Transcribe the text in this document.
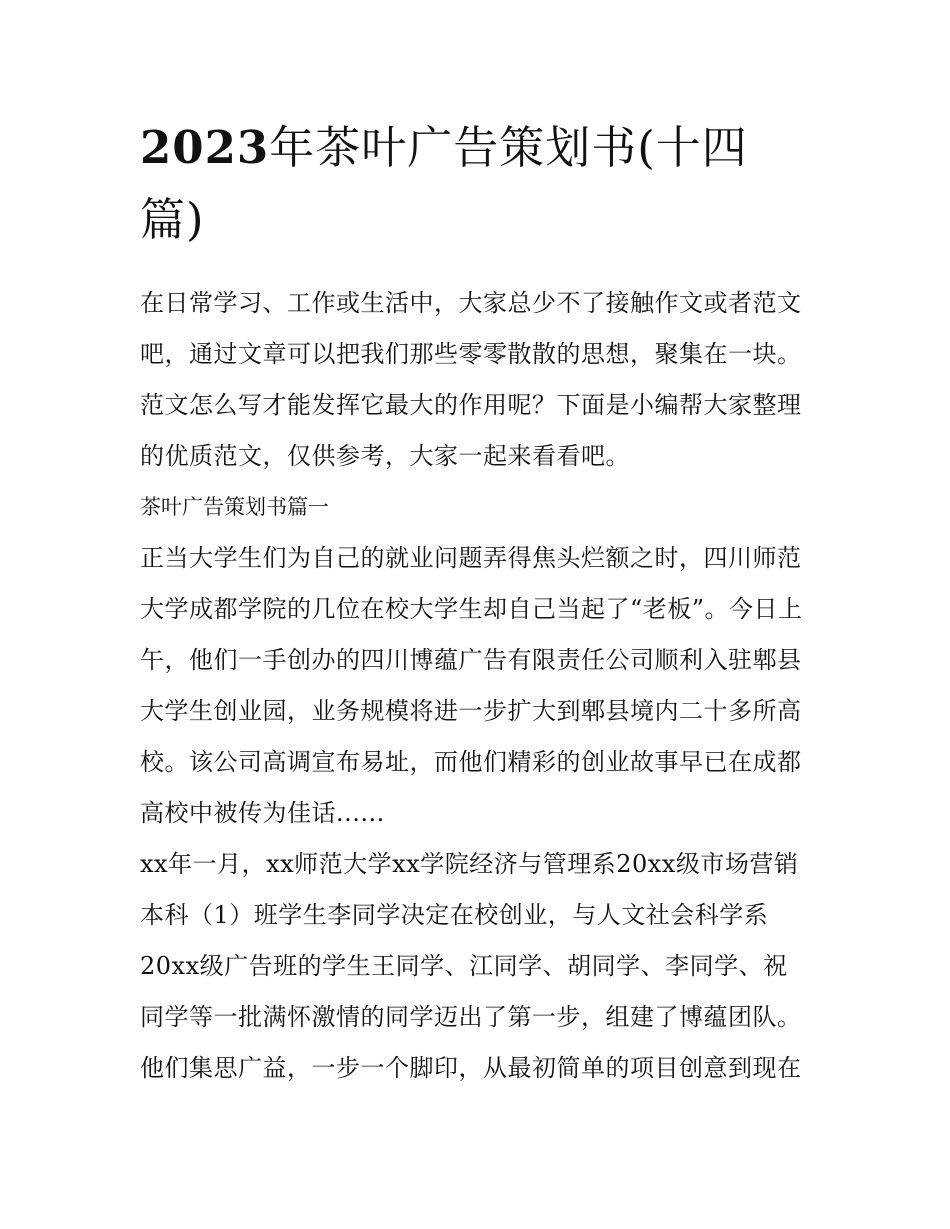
2023年茶叶广告策划书(十四篇)

在日常学习、工作或生活中，大家总少不了接触作文或者范文吧，通过文章可以把我们那些零零散散的思想，聚集在一块。范文怎么写才能发挥它最大的作用呢？下面是小编帮大家整理的优质范文，仅供参考，大家一起来看看吧。

茶叶广告策划书篇一

正当大学生们为自己的就业问题弄得焦头烂额之时，四川师范大学成都学院的几位在校大学生却自己当起了“老板”。今日上午，他们一手创办的四川博蕴广告有限责任公司顺利入驻郫县大学生创业园，业务规模将进一步扩大到郫县境内二十多所高校。该公司高调宣布易址，而他们精彩的创业故事早已在成都高校中被传为佳话......

xx年一月，xx师范大学xx学院经济与管理系20xx级市场营销本科（1）班学生李同学决定在校创业，与人文社会科学系20xx级广告班的学生王同学、江同学、胡同学、李同学、祝同学等一批满怀激情的同学迈出了第一步，组建了博蕴团队。他们集思广益，一步一个脚印，从最初简单的项目创意到现在
